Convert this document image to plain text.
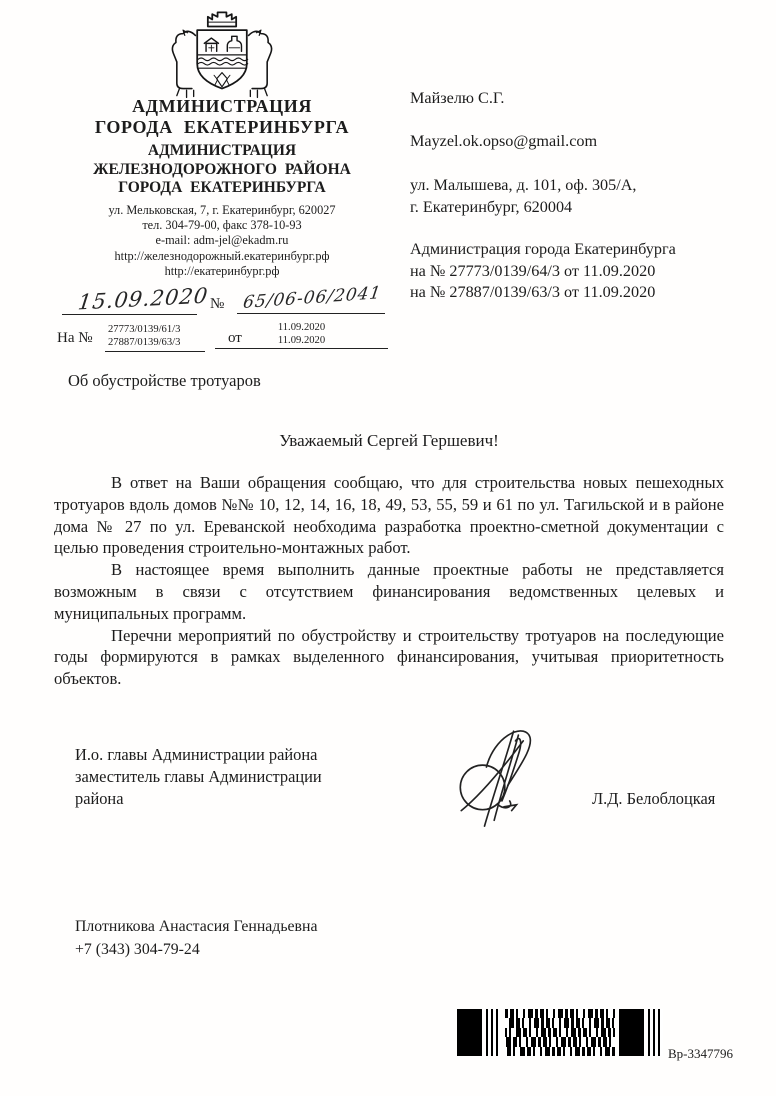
АДМИНИСТРАЦИЯ
ГОРОДА ЕКАТЕРИНБУРГА
АДМИНИСТРАЦИЯ
ЖЕЛЕЗНОДОРОЖНОГО РАЙОНА
ГОРОДА ЕКАТЕРИНБУРГА
ул. Мельковская, 7, г. Екатеринбург, 620027
тел. 304-79-00, факс 378-10-93
e-mail: adm-jel@ekadm.ru
http://железнодорожный.екатеринбург.рф
http://екатеринбург.рф
15.09.2020 № 65/06-06/2041
На №
27773/0139/61/3
27887/0139/63/3	от
11.09.2020
11.09.2020
Майзелю С.Г.
Mayzel.ok.opso@gmail.com
ул. Малышева, д. 101, оф. 305/А,
г. Екатеринбург, 620004
Администрация города Екатеринбурга
на № 27773/0139/64/3 от 11.09.2020
на № 27887/0139/63/3 от 11.09.2020
Об обустройстве тротуаров
Уважаемый Сергей Гершевич!

В ответ на Ваши обращения сообщаю, что для строительства новых пешеходных тротуаров вдоль домов №№ 10, 12, 14, 16, 18, 49, 53, 55, 59 и 61 по ул. Тагильской и в районе дома № 27 по ул. Ереванской необходима разработка проектно-сметной документации с целью проведения строительно-монтажных работ.

В настоящее время выполнить данные проектные работы не представляется возможным в связи с отсутствием финансирования ведомственных целевых и муниципальных программ.

Перечни мероприятий по обустройству и строительству тротуаров на последующие годы формируются в рамках выделенного финансирования, учитывая приоритетность объектов.

И.о. главы Администрации района
заместитель главы Администрации
района	Л.Д. Белоблоцкая
Плотникова Анастасия Геннадьевна
+7 (343) 304-79-24
Вр-3347796
